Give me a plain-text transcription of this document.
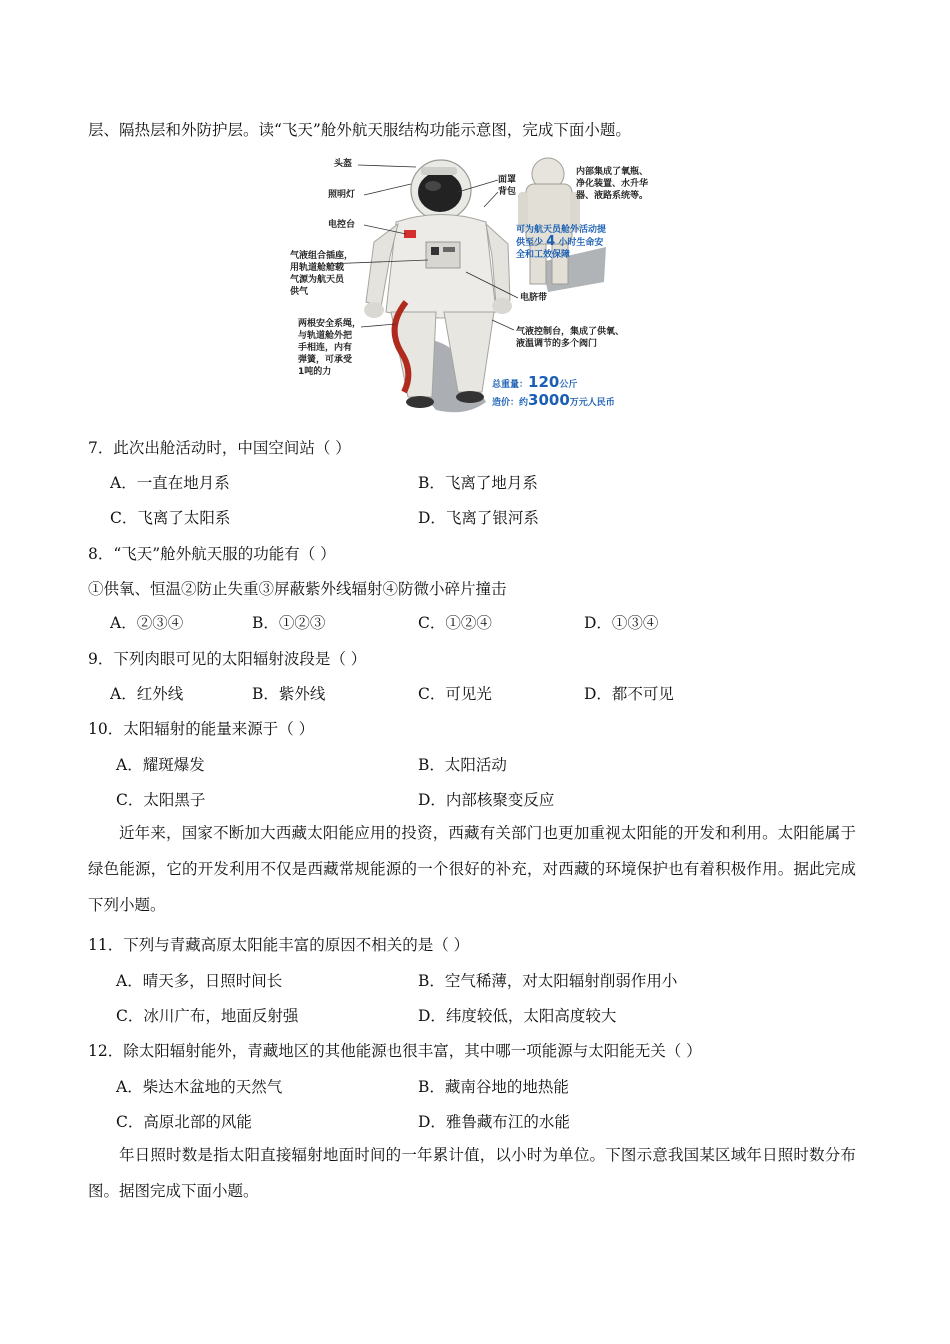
层、隔热层和外防护层。读“飞天”舱外航天服结构功能示意图，完成下面小题。
头盔
照明灯
电控台
气液组合插座，
用轨道舱舱载
气源为航天员
供气
两根安全系绳，
与轨道舱外把
手相连，内有
弹簧，可承受
1吨的力
面罩
背包
内部集成了氧瓶、
净化装置、水升华
器、液路系统等。
可为航天员舱外活动提
供至少 4 小时生命安
全和工效保障
电脐带
气液控制台，集成了供氧、
液温调节的多个阀门
总重量：120公斤
造价：约3000万元人民币
7．此次出舱活动时，中国空间站（ ）
A．一直在地月系	B．飞离了地月系
C．飞离了太阳系	D．飞离了银河系
8．“飞天”舱外航天服的功能有（ ）
①供氧、恒温②防止失重③屏蔽紫外线辐射④防微小碎片撞击
A．②③④	B．①②③	C．①②④	D．①③④
9．下列肉眼可见的太阳辐射波段是（ ）
A．红外线	B．紫外线	C．可见光	D．都不可见
10．太阳辐射的能量来源于（ ）
A．耀斑爆发	B．太阳活动
C．太阳黑子	D．内部核聚变反应
近年来，国家不断加大西藏太阳能应用的投资，西藏有关部门也更加重视太阳能的开发和利用。太阳能属于绿色能源，它的开发利用不仅是西藏常规能源的一个很好的补充，对西藏的环境保护也有着积极作用。据此完成下列小题。
11．下列与青藏高原太阳能丰富的原因不相关的是（ ）
A．晴天多，日照时间长	B．空气稀薄，对太阳辐射削弱作用小
C．冰川广布，地面反射强	D．纬度较低，太阳高度较大
12．除太阳辐射能外，青藏地区的其他能源也很丰富，其中哪一项能源与太阳能无关（ ）
A．柴达木盆地的天然气	B．藏南谷地的地热能
C．高原北部的风能	D．雅鲁藏布江的水能
年日照时数是指太阳直接辐射地面时间的一年累计值，以小时为单位。下图示意我国某区域年日照时数分布图。据图完成下面小题。
